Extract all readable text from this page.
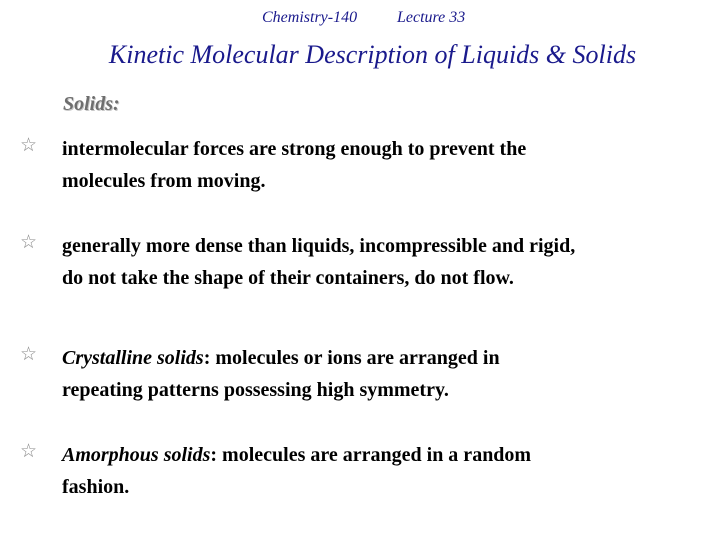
Chemistry-140 Lecture 33
Kinetic Molecular Description of Liquids & Solids
Solids:
☆ intermolecular forces are strong enough to prevent the
molecules from moving.
☆ generally more dense than liquids, incompressible and rigid,
do not take the shape of their containers, do not flow.
☆ Crystalline solids: molecules or ions are arranged in
repeating patterns possessing high symmetry.
☆ Amorphous solids: molecules are arranged in a random
fashion.
